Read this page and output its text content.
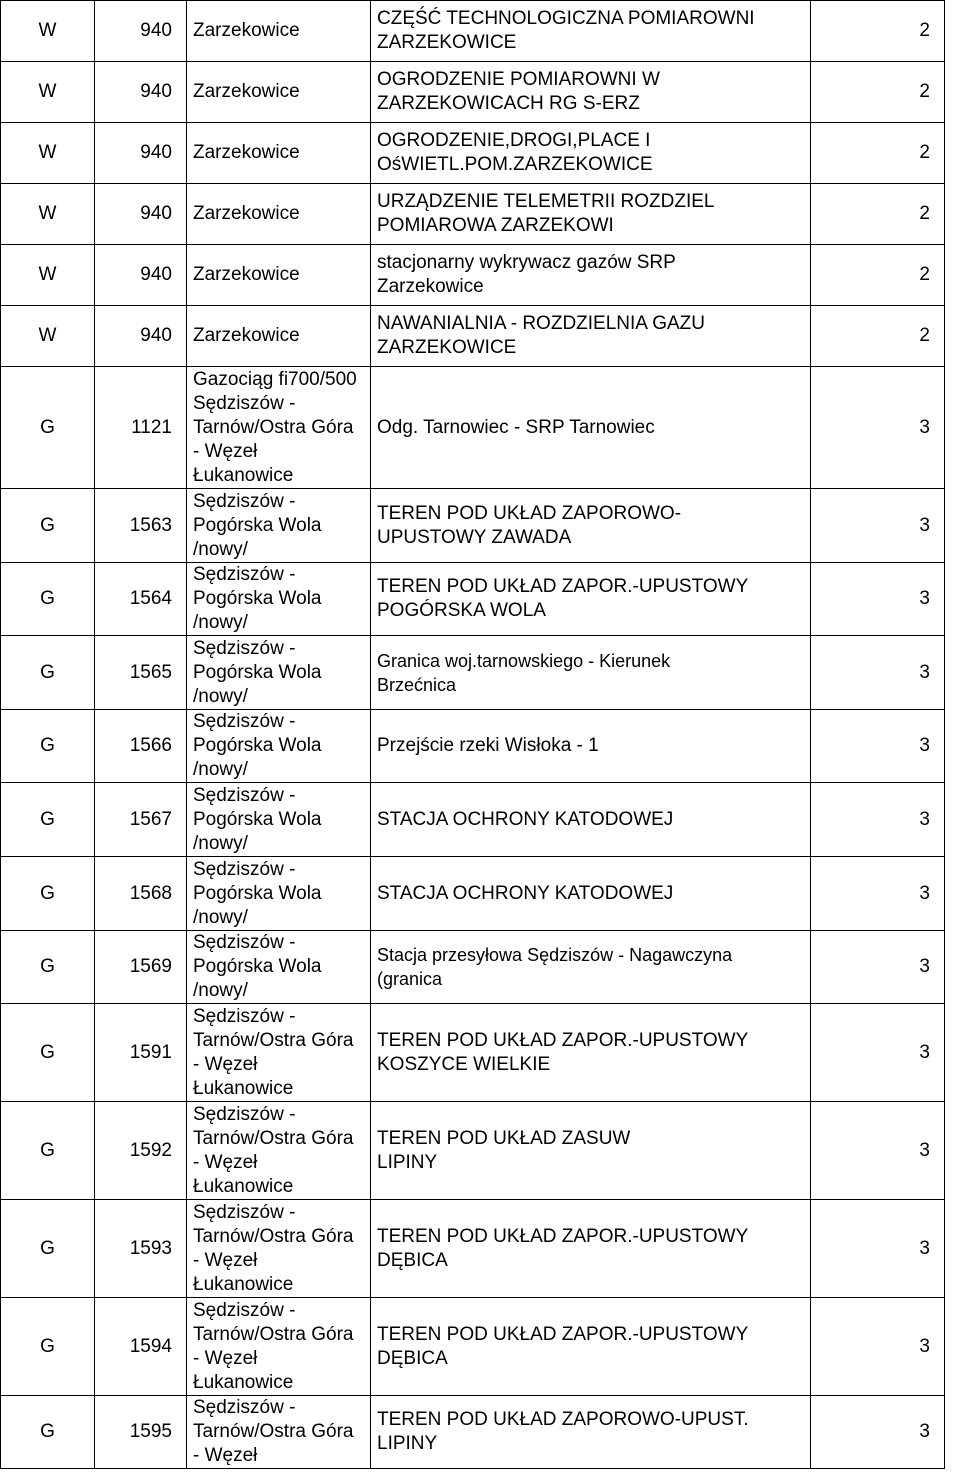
W	940	Zarzekowice	CZĘŚĆ TECHNOLOGICZNA POMIAROWNI
ZARZEKOWICE	2
W	940	Zarzekowice	OGRODZENIE POMIAROWNI W
ZARZEKOWICACH RG S-ERZ	2
W	940	Zarzekowice	OGRODZENIE,DROGI,PLACE I
OśWIETL.POM.ZARZEKOWICE	2
W	940	Zarzekowice	URZĄDZENIE TELEMETRII ROZDZIEL
POMIAROWA ZARZEKOWI	2
W	940	Zarzekowice	stacjonarny wykrywacz gazów SRP
Zarzekowice	2
W	940	Zarzekowice	NAWANIALNIA - ROZDZIELNIA GAZU
ZARZEKOWICE	2
G	1121	Gazociąg fi700/500
Sędziszów -
Tarnów/Ostra Góra
- Węzeł
Łukanowice	Odg. Tarnowiec - SRP Tarnowiec	3
G	1563	Sędziszów -
Pogórska Wola
/nowy/	TEREN POD UKŁAD ZAPOROWO-
UPUSTOWY ZAWADA	3
G	1564	Sędziszów -
Pogórska Wola
/nowy/	TEREN POD UKŁAD ZAPOR.-UPUSTOWY
POGÓRSKA WOLA	3
G	1565	Sędziszów -
Pogórska Wola
/nowy/	Granica woj.tarnowskiego - Kierunek
Brzećnica	3
G	1566	Sędziszów -
Pogórska Wola
/nowy/	Przejście rzeki Wisłoka - 1	3
G	1567	Sędziszów -
Pogórska Wola
/nowy/	STACJA OCHRONY KATODOWEJ	3
G	1568	Sędziszów -
Pogórska Wola
/nowy/	STACJA OCHRONY KATODOWEJ	3
G	1569	Sędziszów -
Pogórska Wola
/nowy/	Stacja przesyłowa Sędziszów - Nagawczyna
(granica	3
G	1591	Sędziszów -
Tarnów/Ostra Góra
- Węzeł
Łukanowice	TEREN POD UKŁAD ZAPOR.-UPUSTOWY
KOSZYCE WIELKIE	3
G	1592	Sędziszów -
Tarnów/Ostra Góra
- Węzeł
Łukanowice	TEREN POD UKŁAD ZASUW
LIPINY	3
G	1593	Sędziszów -
Tarnów/Ostra Góra
- Węzeł
Łukanowice	TEREN POD UKŁAD ZAPOR.-UPUSTOWY
DĘBICA	3
G	1594	Sędziszów -
Tarnów/Ostra Góra
- Węzeł
Łukanowice	TEREN POD UKŁAD ZAPOR.-UPUSTOWY
DĘBICA	3
G	1595	Sędziszów -
Tarnów/Ostra Góra
- Węzeł	TEREN POD UKŁAD ZAPOROWO-UPUST.
LIPINY	3
